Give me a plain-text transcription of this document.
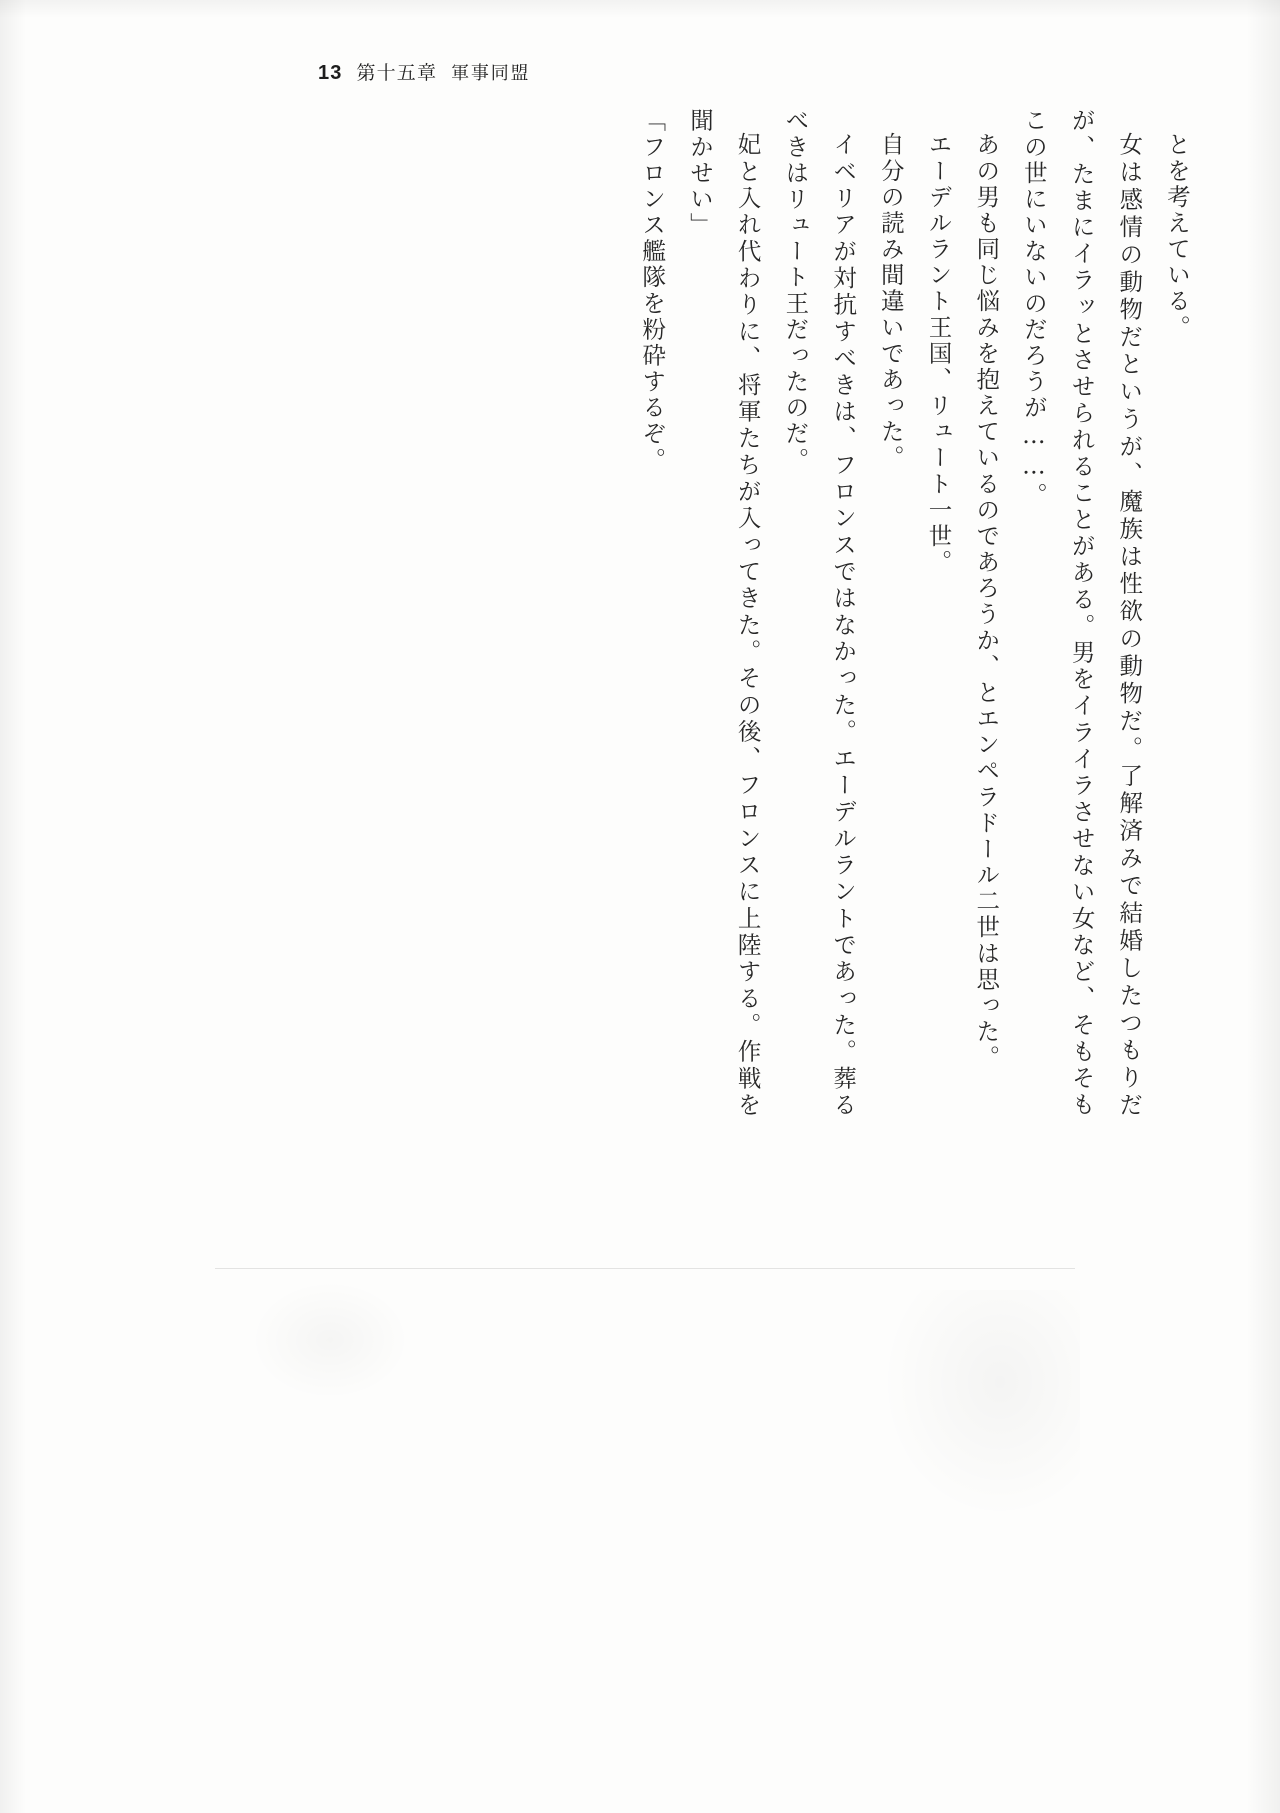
13 第十五章 軍事同盟

とを考えている。

女は感情の動物だというが、魔族は性欲の動物だ。了解済みで結婚したつもりだが、たまにイラッとさせられることがある。男をイライラさせない女など、そもそもこの世にいないのだろうが……。

あの男も同じ悩みを抱えているのであろうか、とエンペラドール二世は思った。

エーデルラント王国、リュート一世。

自分の読み間違いであった。

イベリアが対抗すべきは、フロンスではなかった。エーデルラントであった。葬るべきはリュート王だったのだ。

妃と入れ代わりに、将軍たちが入ってきた。その後、フロンスに上陸する。作戦を聞かせい」

「フロンス艦隊を粉砕するぞ。
